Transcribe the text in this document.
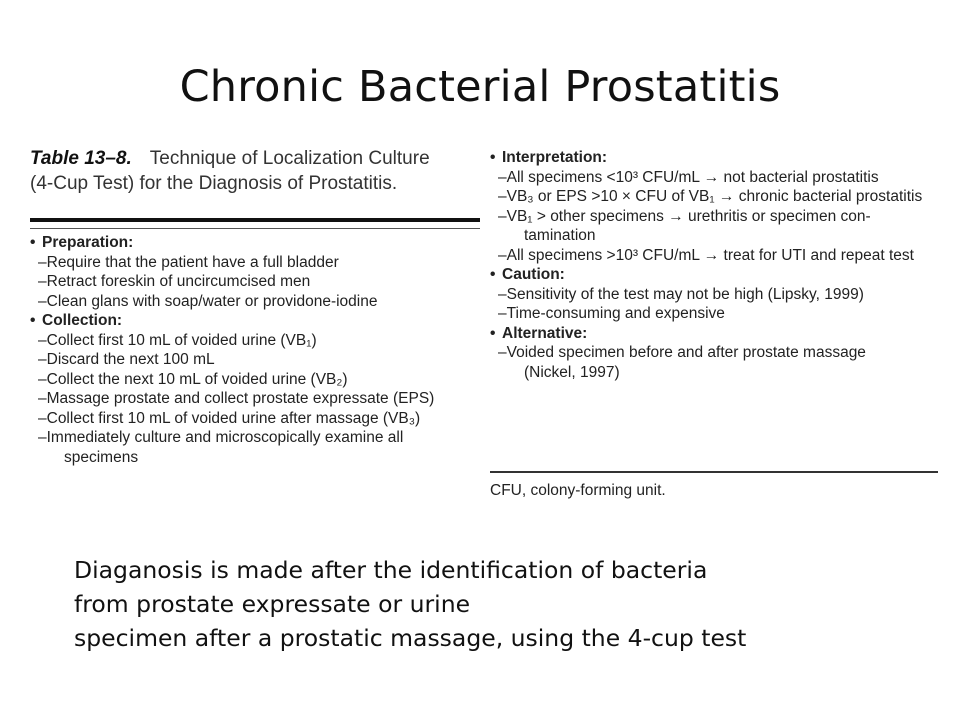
Chronic Bacterial Prostatitis
Table 13–8. Technique of Localization Culture
(4-Cup Test) for the Diagnosis of Prostatitis.
• Preparation:
–Require that the patient have a full bladder
–Retract foreskin of uncircumcised men
–Clean glans with soap/water or providone-iodine
• Collection:
–Collect first 10 mL of voided urine (VB₁)
–Discard the next 100 mL
–Collect the next 10 mL of voided urine (VB₂)
–Massage prostate and collect prostate expressate (EPS)
–Collect first 10 mL of voided urine after massage (VB₃)
–Immediately culture and microscopically examine all
specimens
• Interpretation:
–All specimens <10³ CFU/mL → not bacterial prostatitis
–VB₃ or EPS >10 × CFU of VB₁ → chronic bacterial prostatitis
–VB₁ > other specimens → urethritis or specimen con-
tamination
–All specimens >10³ CFU/mL → treat for UTI and repeat test
• Caution:
–Sensitivity of the test may not be high (Lipsky, 1999)
–Time-consuming and expensive
• Alternative:
–Voided specimen before and after prostate massage
(Nickel, 1997)
CFU, colony-forming unit.
Diaganosis is made after the identification of bacteria
from prostate expressate or urine
specimen after a prostatic massage, using the 4-cup test
